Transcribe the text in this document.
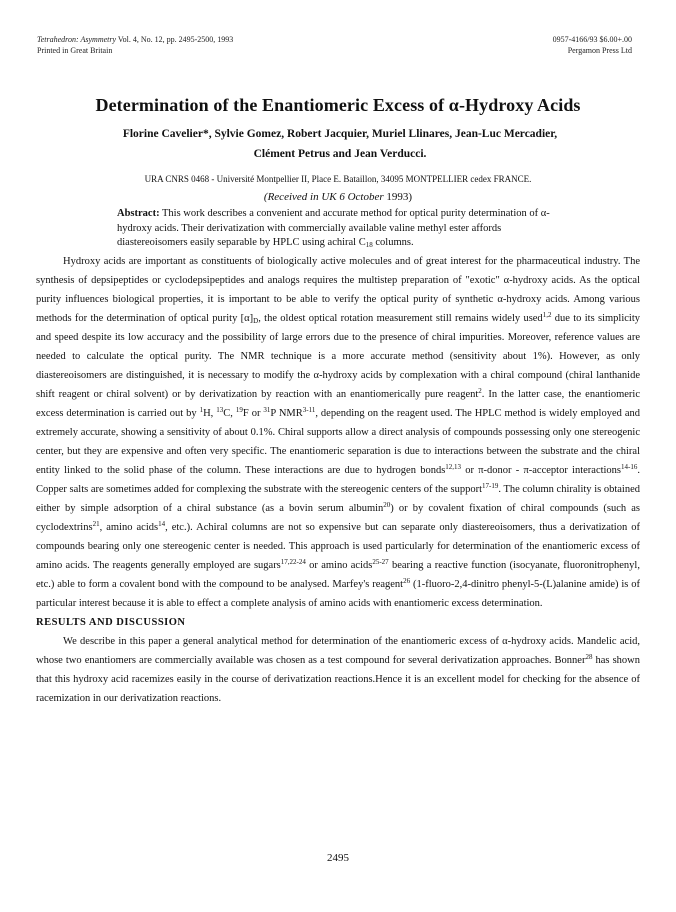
Tetrahedron: Asymmetry Vol. 4, No. 12, pp. 2495-2500, 1993
Printed in Great Britain
0957-4166/93 $6.00+.00
Pergamon Press Ltd
Determination of the Enantiomeric Excess of α-Hydroxy Acids
Florine Cavelier*, Sylvie Gomez, Robert Jacquier, Muriel Llinares, Jean-Luc Mercadier,
Clément Petrus and Jean Verducci.
URA CNRS 0468 - Université Montpellier II, Place E. Bataillon, 34095 MONTPELLIER cedex FRANCE.
(Received in UK 6 October 1993)
Abstract: This work describes a convenient and accurate method for optical purity determination of α-hydroxy acids. Their derivatization with commercially available valine methyl ester affords diastereoisomers easily separable by HPLC using achiral $C_{18}$ columns.

Hydroxy acids are important as constituents of biologically active molecules and of great interest for the pharmaceutical industry. The synthesis of depsipeptides or cyclodepsipeptides and analogs requires the multistep preparation of "exotic" α-hydroxy acids. As the optical purity influences biological properties, it is important to be able to verify the optical purity of synthetic α-hydroxy acids. Among various methods for the determination of optical purity $[\alpha]_D$, the oldest optical rotation measurement still remains widely used$^{1,2}$ due to its simplicity and speed despite its low accuracy and the possibility of large errors due to the presence of chiral impurities. Moreover, reference values are needed to calculate the optical purity. The NMR technique is a more accurate method (sensitivity about 1%). However, as only diastereoisomers are distinguished, it is necessary to modify the α-hydroxy acids by complexation with a chiral compound (chiral lanthanide shift reagent or chiral solvent) or by derivatization by reaction with an enantiomerically pure reagent$^2$. In the latter case, the enantiomeric excess determination is carried out by $^1$H, $^{13}$C, $^{19}$F or $^{31}$P NMR$^{3-11}$, depending on the reagent used. The HPLC method is widely employed and extremely accurate, showing a sensitivity of about 0.1%. Chiral supports allow a direct analysis of compounds possessing only one stereogenic center, but they are expensive and often very specific. The enantiomeric separation is due to interactions between the substrate and the chiral entity linked to the solid phase of the column. These interactions are due to hydrogen bonds$^{12,13}$ or π-donor - π-acceptor interactions$^{14-16}$. Copper salts are sometimes added for complexing the substrate with the stereogenic centers of the support$^{17-19}$. The column chirality is obtained either by simple adsorption of a chiral substance (as a bovin serum albumin$^{20}$) or by covalent fixation of chiral compounds (such as cyclodextrins$^{21}$, amino acids$^{14}$, etc.). Achiral columns are not so expensive but can separate only diastereoisomers, thus a derivatization of compounds bearing only one stereogenic center is needed. This approach is used particularly for determination of the enantiomeric excess of amino acids. The reagents generally employed are sugars$^{17,22-24}$ or amino acids$^{25-27}$ bearing a reactive function (isocyanate, fluoronitrophenyl, etc.) able to form a covalent bond with the compound to be analysed. Marfey's reagent$^{26}$ (1-fluoro-2,4-dinitro phenyl-5-(L)alanine amide) is of particular interest because it is able to effect a complete analysis of amino acids with enantiomeric excess determination.

RESULTS AND DISCUSSION

We describe in this paper a general analytical method for determination of the enantiomeric excess of α-hydroxy acids. Mandelic acid, whose two enantiomers are commercially available was chosen as a test compound for several derivatization approaches. Bonner$^{28}$ has shown that this hydroxy acid racemizes easily in the course of derivatization reactions.Hence it is an excellent model for checking for the absence of racemization in our derivatization reactions.

2495
